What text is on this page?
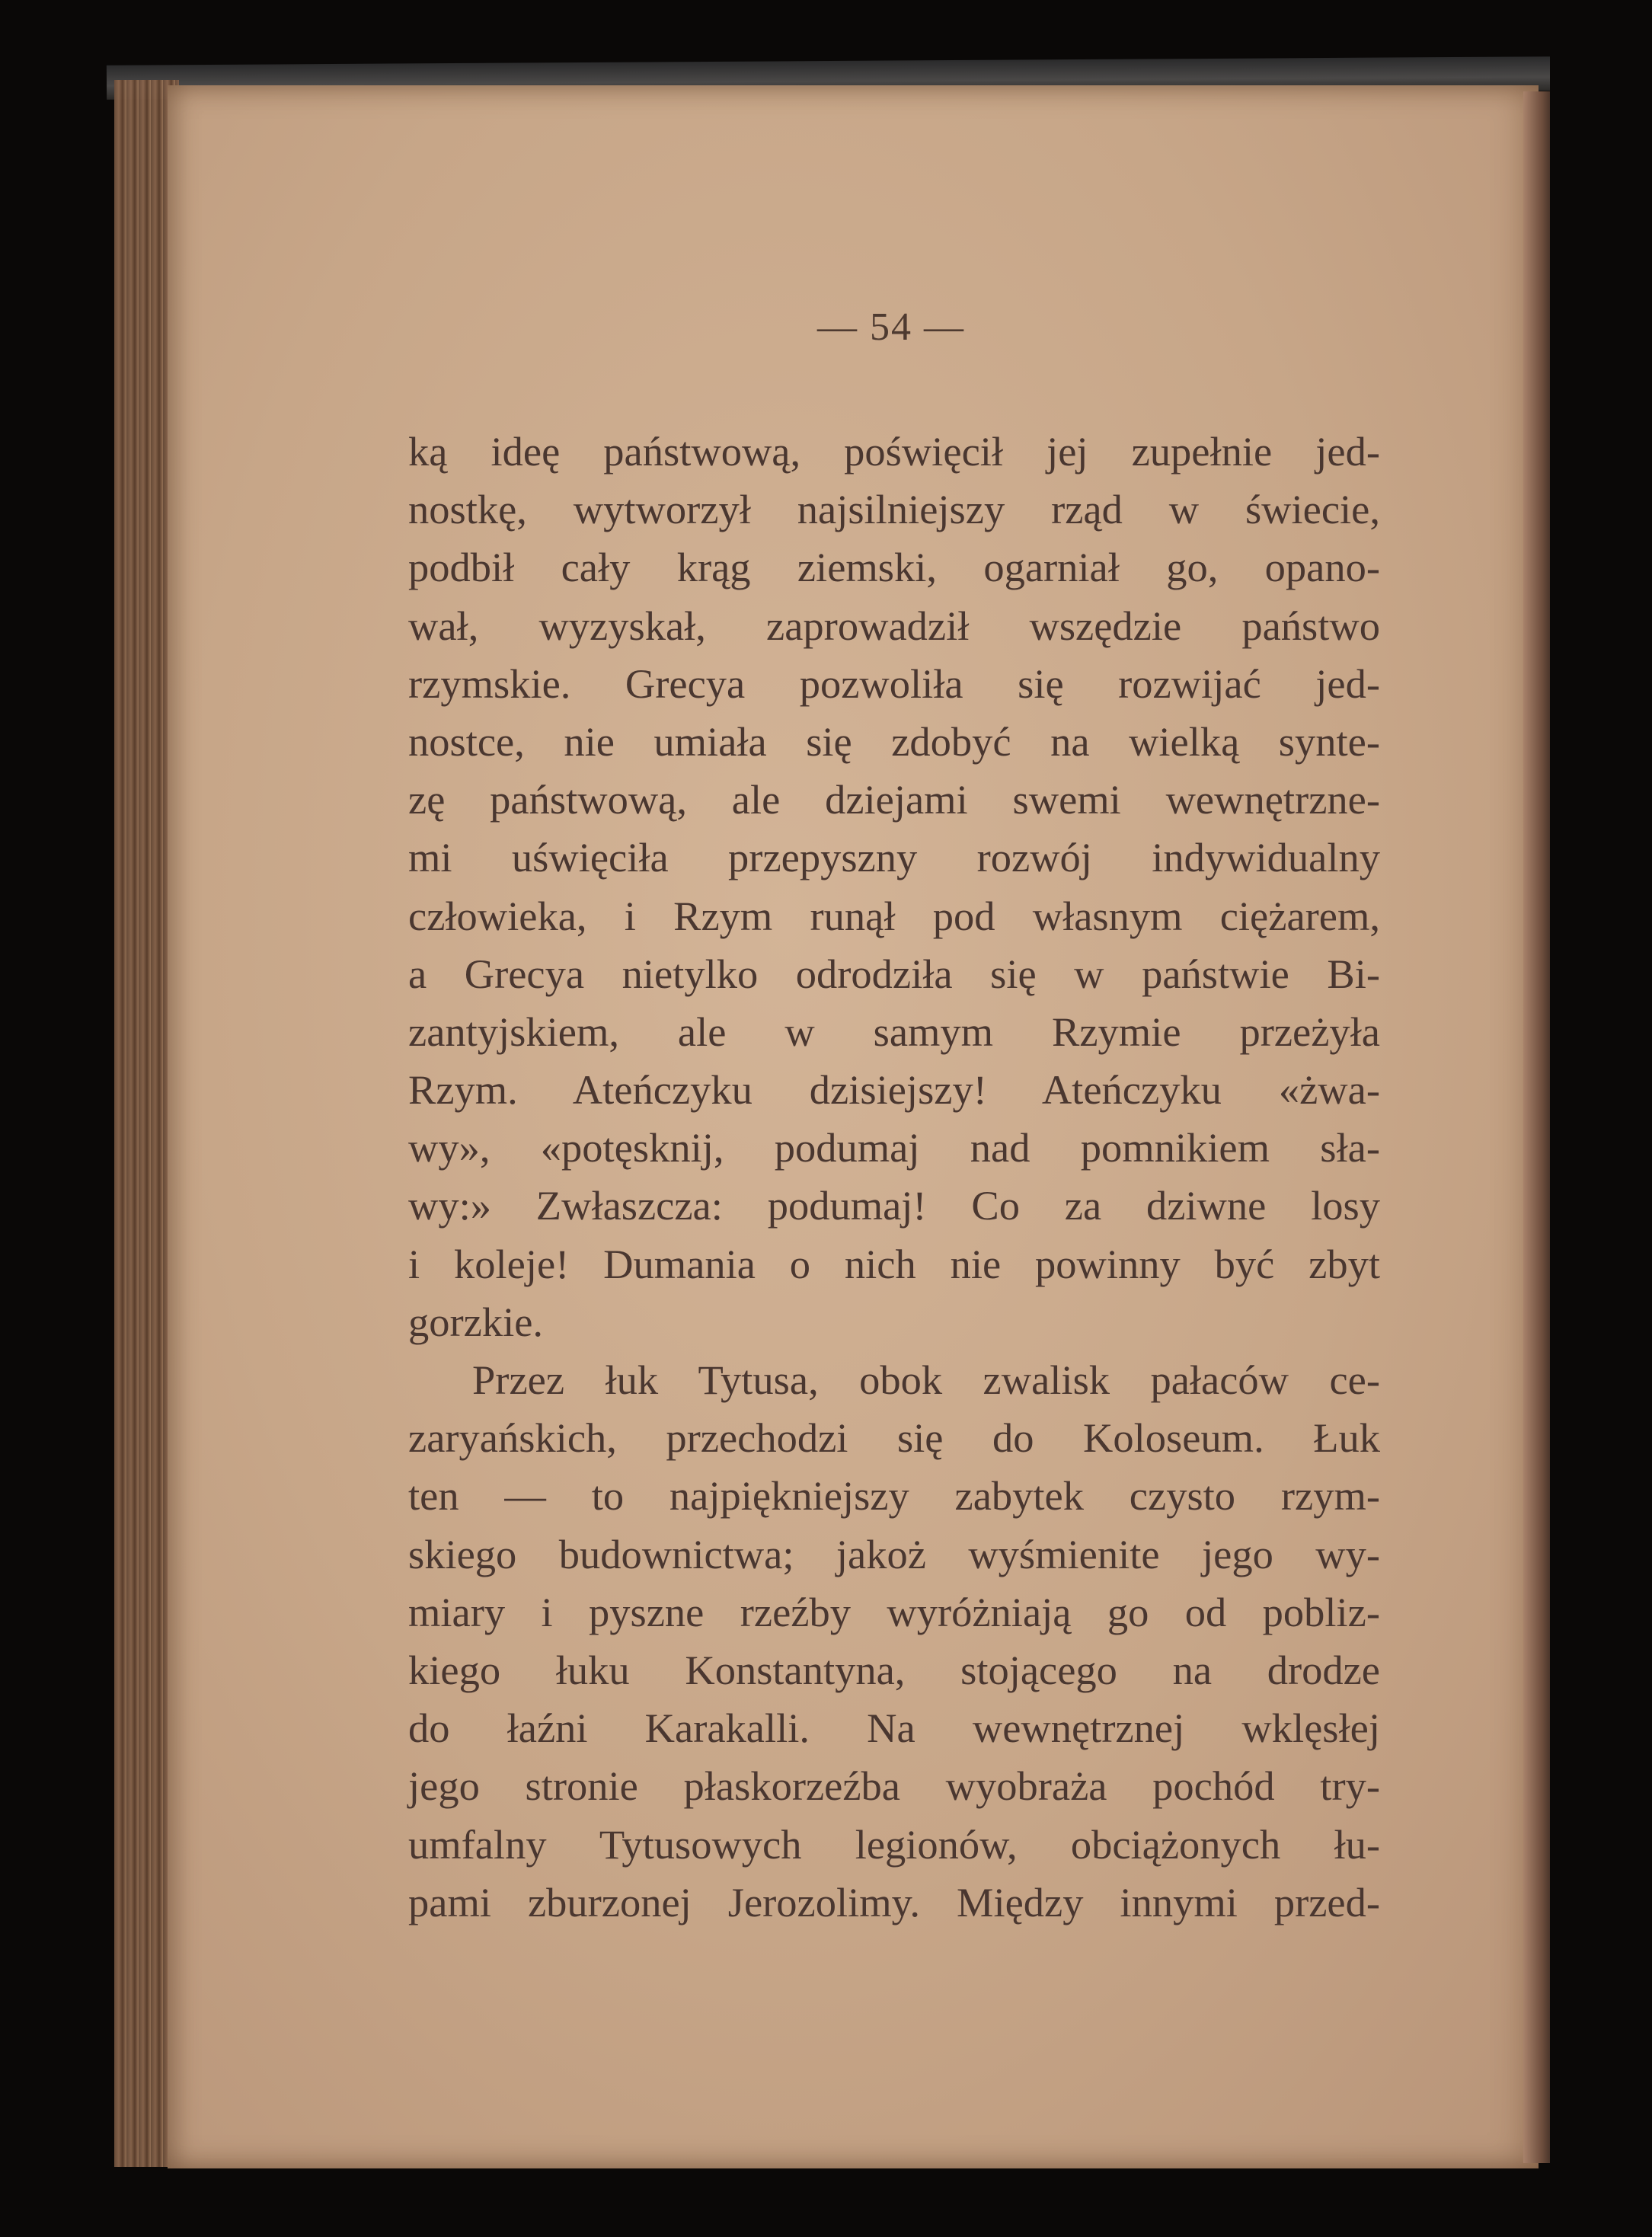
— 54 —
ką ideę państwową, poświęcił jej zupełnie jed-
nostkę, wytworzył najsilniejszy rząd w świecie,
podbił cały krąg ziemski, ogarniał go, opano-
wał, wyzyskał, zaprowadził wszędzie państwo
rzymskie. Grecya pozwoliła się rozwijać jed-
nostce, nie umiała się zdobyć na wielką synte-
zę państwową, ale dziejami swemi wewnętrzne-
mi uświęciła przepyszny rozwój indywidualny
człowieka, i Rzym runął pod własnym ciężarem,
a Grecya nietylko odrodziła się w państwie Bi-
zantyjskiem, ale w samym Rzymie przeżyła
Rzym. Ateńczyku dzisiejszy! Ateńczyku «żwa-
wy», «potęsknij, podumaj nad pomnikiem sła-
wy:» Zwłaszcza: podumaj! Co za dziwne losy
i koleje! Dumania o nich nie powinny być zbyt
gorzkie.
Przez łuk Tytusa, obok zwalisk pałaców ce-
zaryańskich, przechodzi się do Koloseum. Łuk
ten — to najpiękniejszy zabytek czysto rzym-
skiego budownictwa; jakoż wyśmienite jego wy-
miary i pyszne rzeźby wyróżniają go od pobliz-
kiego łuku Konstantyna, stojącego na drodze
do łaźni Karakalli. Na wewnętrznej wklęsłej
jego stronie płaskorzeźba wyobraża pochód try-
umfalny Tytusowych legionów, obciążonych łu-
pami zburzonej Jerozolimy. Między innymi przed-
